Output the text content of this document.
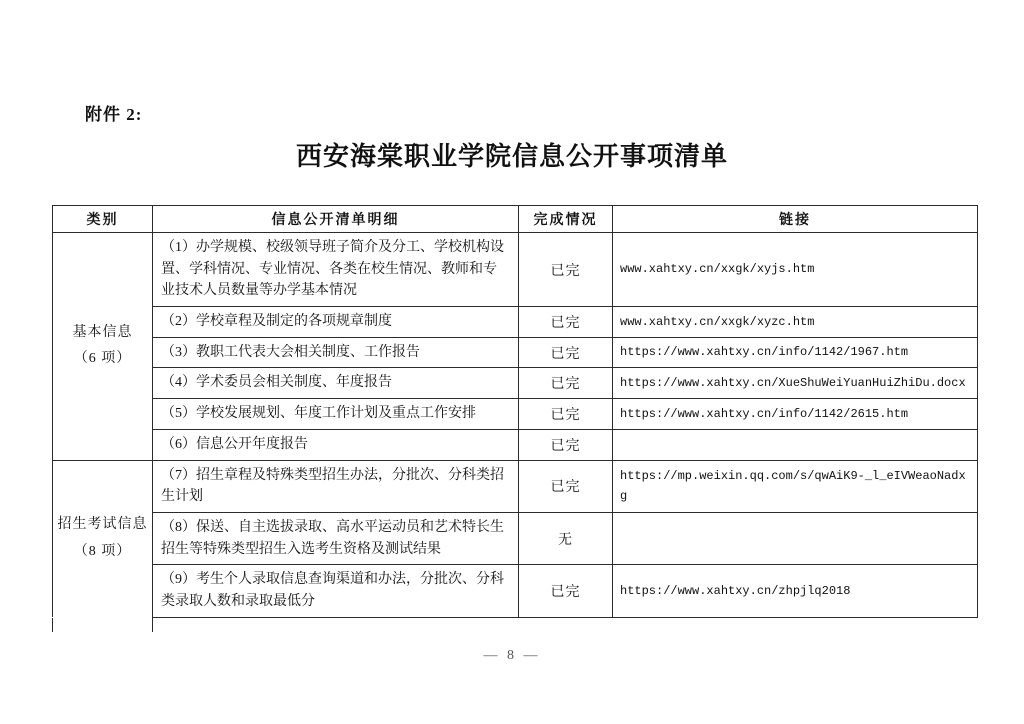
附件 2:
西安海棠职业学院信息公开事项清单
类别	信息公开清单明细	完成情况	链接

基本信息
（6 项）	（1）办学规模、校级领导班子简介及分工、学校机构设置、学科情况、专业情况、各类在校生情况、教师和专业技术人员数量等办学基本情况	已完	www.xahtxy.cn/xxgk/xyjs.htm
	（2）学校章程及制定的各项规章制度	已完	www.xahtxy.cn/xxgk/xyzc.htm
	（3）教职工代表大会相关制度、工作报告	已完	https://www.xahtxy.cn/info/1142/1967.htm
	（4）学术委员会相关制度、年度报告	已完	https://www.xahtxy.cn/XueShuWeiYuanHuiZhiDu.docx
	（5）学校发展规划、年度工作计划及重点工作安排	已完	https://www.xahtxy.cn/info/1142/2615.htm
	（6）信息公开年度报告	已完	

招生考试信息
（8 项）	（7）招生章程及特殊类型招生办法，分批次、分科类招生计划	已完	https://mp.weixin.qq.com/s/qwAiK9-_l_eIVWeaoNadxg
	（8）保送、自主选拔录取、高水平运动员和艺术特长生招生等特殊类型招生入选考生资格及测试结果	无	
	（9）考生个人录取信息查询渠道和办法，分批次、分科类录取人数和录取最低分	已完	https://www.xahtxy.cn/zhpjlq2018
— 8 —
